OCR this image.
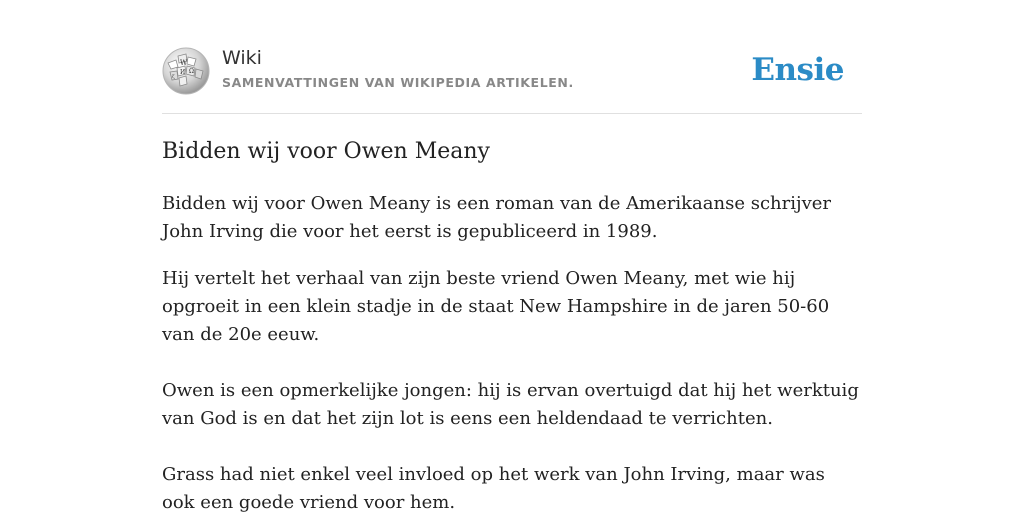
W
Ω
И
ζ
Wiki
SAMENVATTINGEN VAN WIKIPEDIA ARTIKELEN.	Ensie
Bidden wij voor Owen Meany

Bidden wij voor Owen Meany is een roman van de Amerikaanse schrijver John Irving die voor het eerst is gepubliceerd in 1989.

Hij vertelt het verhaal van zijn beste vriend Owen Meany, met wie hij opgroeit in een klein stadje in de staat New Hampshire in de jaren 50-60 van de 20e eeuw.

Owen is een opmerkelijke jongen: hij is ervan overtuigd dat hij het werktuig van God is en dat het zijn lot is eens een heldendaad te verrichten.

Grass had niet enkel veel invloed op het werk van John Irving, maar was ook een goede vriend voor hem.
